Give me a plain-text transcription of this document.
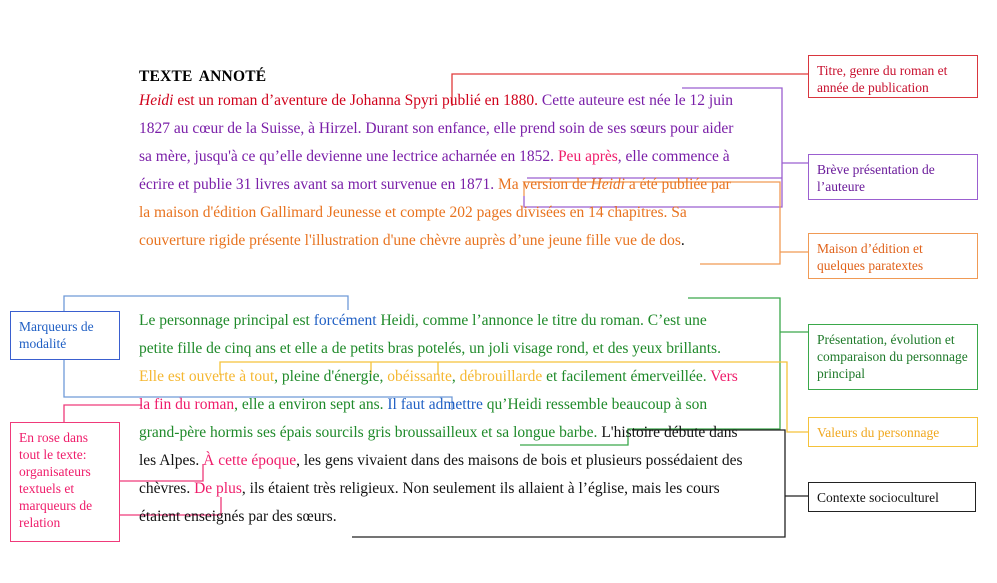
TEXTE ANNOTÉ
Heidi est un roman d’aventure de Johanna Spyri publié en 1880. Cette auteure est née le 12 juin
1827 au cœur de la Suisse, à Hirzel. Durant son enfance, elle prend soin de ses sœurs pour aider
sa mère, jusqu'à ce qu’elle devienne une lectrice acharnée en 1852. Peu après, elle commence à
écrire et publie 31 livres avant sa mort survenue en 1871. Ma version de Heidi a été publiée par
la maison d'édition Gallimard Jeunesse et compte 202 pages divisées en 14 chapitres. Sa
couverture rigide présente l'illustration d'une chèvre auprès d’une jeune fille vue de dos.
Le personnage principal est forcément Heidi, comme l’annonce le titre du roman. C’est une
petite fille de cinq ans et elle a de petits bras potelés, un joli visage rond, et des yeux brillants.
Elle est ouverte à tout, pleine d'énergie, obéissante, débrouillarde et facilement émerveillée. Vers
la fin du roman, elle a environ sept ans. Il faut admettre qu’Heidi ressemble beaucoup à son
grand-père hormis ses épais sourcils gris broussailleux et sa longue barbe. L'histoire débute dans
les Alpes. À cette époque, les gens vivaient dans des maisons de bois et plusieurs possédaient des
chèvres. De plus, ils étaient très religieux. Non seulement ils allaient à l’église, mais les cours
étaient enseignés par des sœurs.
Titre, genre du roman et année de publication
Brève présentation de l’auteure
Maison d’édition et quelques paratextes
Présentation, évolution et comparaison du personnage principal
Valeurs du personnage
Contexte socioculturel
Marqueurs de modalité
En rose dans tout le texte: organisateurs textuels et marqueurs de relation
